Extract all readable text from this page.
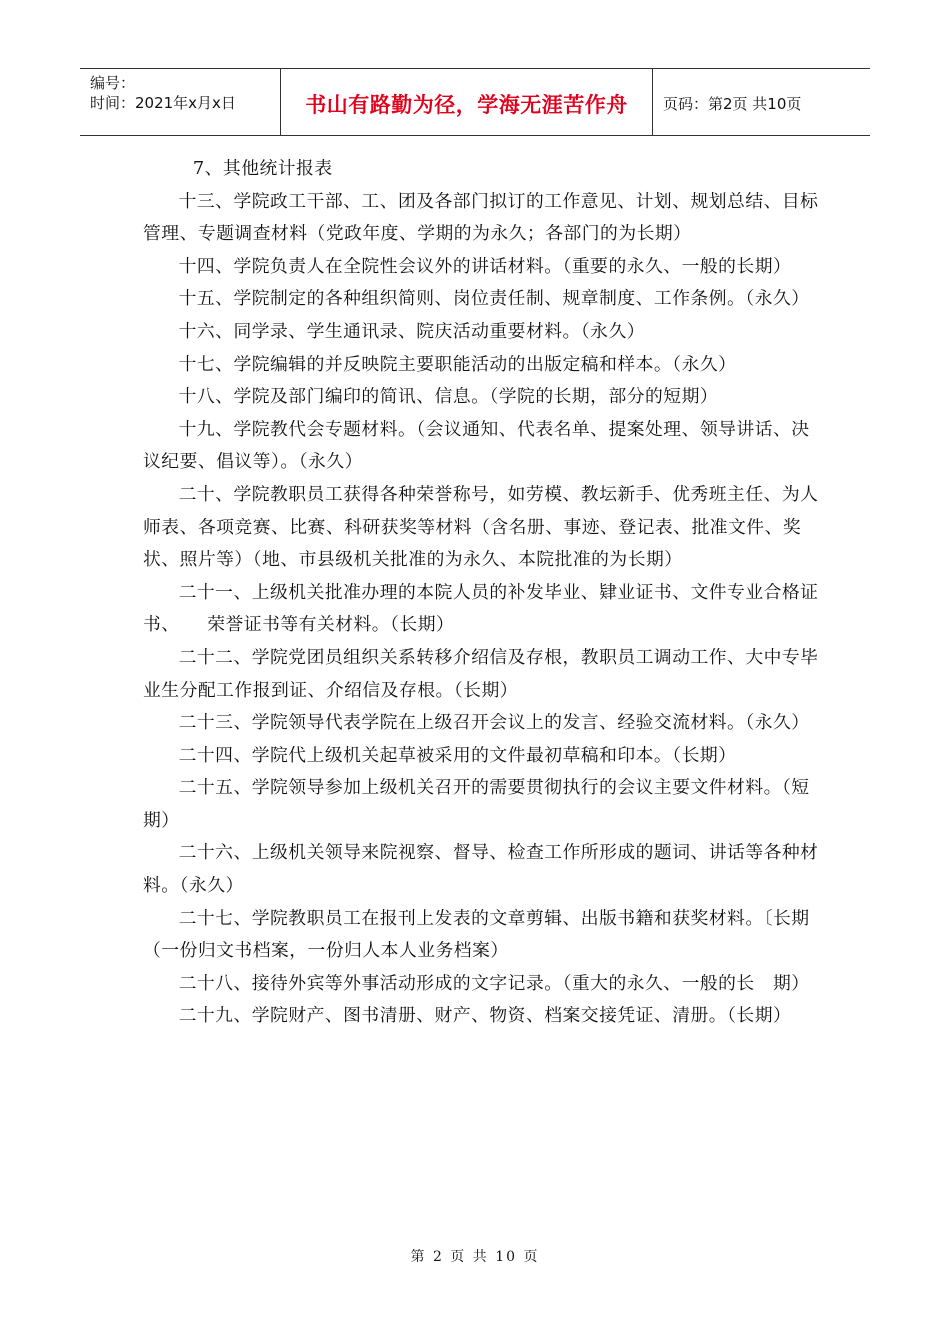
编号：
时间：2021年x月x日	书山有路勤为径，学海无涯苦作舟 页码：第2页 共10页

7、其他统计报表

十三、学院政工干部、工、团及各部门拟订的工作意见、计划、规划总结、目标管理、专题调查材料（党政年度、学期的为永久；各部门的为长期）

十四、学院负责人在全院性会议外的讲话材料。（重要的永久、一般的长期）

十五、学院制定的各种组织简则、岗位责任制、规章制度、工作条例。（永久）

十六、同学录、学生通讯录、院庆活动重要材料。（永久）

十七、学院编辑的并反映院主要职能活动的出版定稿和样本。（永久）

十八、学院及部门编印的简讯、信息。（学院的长期，部分的短期）

十九、学院教代会专题材料。（会议通知、代表名单、提案处理、领导讲话、决议纪要、倡议等）。（永久）

二十、学院教职员工获得各种荣誉称号，如劳模、教坛新手、优秀班主任、为人师表、各项竞赛、比赛、科研获奖等材料（含名册、事迹、登记表、批准文件、奖状、照片等）（地、市县级机关批准的为永久、本院批准的为长期）

二十一、上级机关批准办理的本院人员的补发毕业、肄业证书、文件专业合格证书、　　荣誉证书等有关材料。（长期）

二十二、学院党团员组织关系转移介绍信及存根，教职员工调动工作、大中专毕业生分配工作报到证、介绍信及存根。（长期）

二十三、学院领导代表学院在上级召开会议上的发言、经验交流材料。（永久）

二十四、学院代上级机关起草被采用的文件最初草稿和印本。（长期）

二十五、学院领导参加上级机关召开的需要贯彻执行的会议主要文件材料。（短期）

二十六、上级机关领导来院视察、督导、检查工作所形成的题词、讲话等各种材料。（永久）

二十七、学院教职员工在报刊上发表的文章剪辑、出版书籍和获奖材料。〔长期（一份归文书档案，一份归人本人业务档案）

二十八、接待外宾等外事活动形成的文字记录。（重大的永久、一般的长　期）

二十九、学院财产、图书清册、财产、物资、档案交接凭证、清册。（长期）

第 2 页 共 10 页
